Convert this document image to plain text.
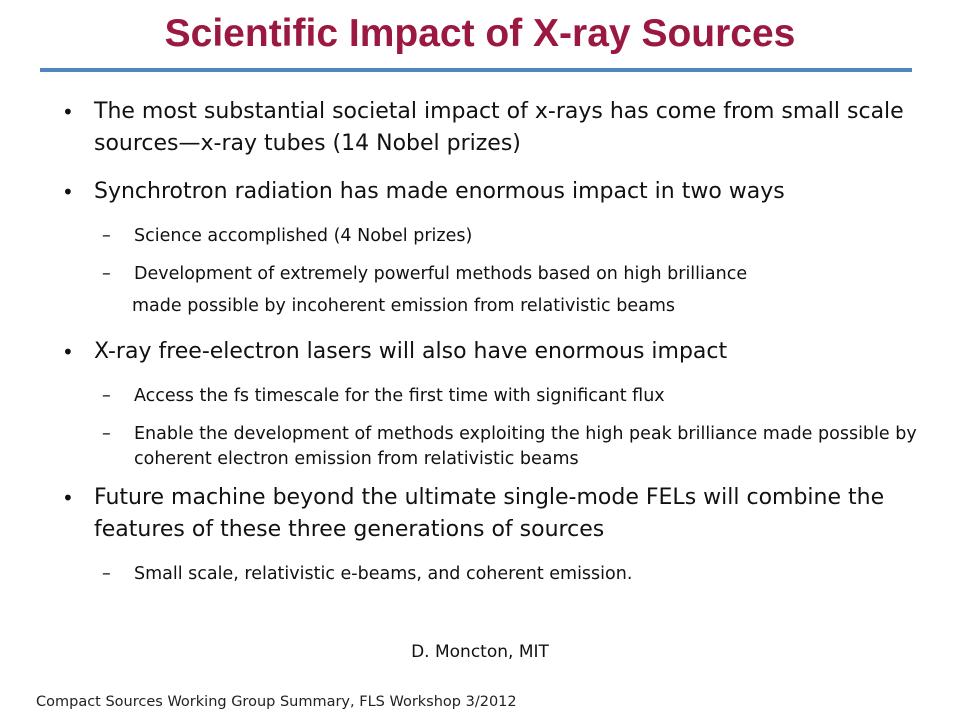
Scientific Impact of X-ray Sources
• The most substantial societal impact of x-rays has come from small scale sources—x-ray tubes (14 Nobel prizes)
• Synchrotron radiation has made enormous impact in two ways
– Science accomplished (4 Nobel prizes)
– Development of extremely powerful methods based on high brilliance
made possible by incoherent emission from relativistic beams
• X-ray free-electron lasers will also have enormous impact
– Access the fs timescale for the first time with significant flux
– Enable the development of methods exploiting the high peak brilliance made possible by coherent electron emission from relativistic beams
• Future machine beyond the ultimate single-mode FELs will combine the features of these three generations of sources
– Small scale, relativistic e-beams, and coherent emission.
D. Moncton, MIT
Compact Sources Working Group Summary, FLS Workshop 3/2012
